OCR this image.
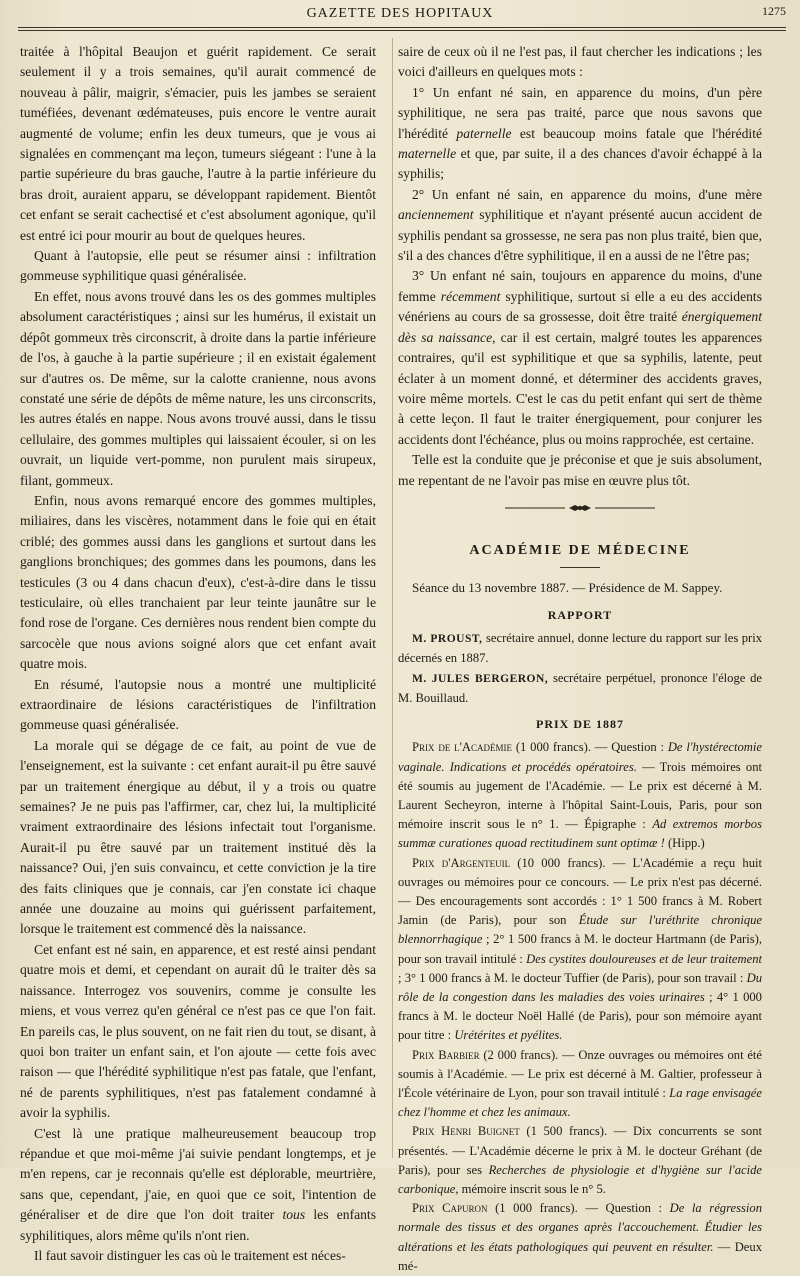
GAZETTE DES HOPITAUX	1275

traitée à l'hôpital Beaujon et guérit rapidement. Ce serait seulement il y a trois semaines, qu'il aurait commencé de nouveau à pâlir, maigrir, s'émacier, puis les jambes se seraient tuméfiées, devenant œdémateuses, puis encore le ventre aurait augmenté de volume; enfin les deux tumeurs, que je vous ai signalées en commençant ma leçon, tumeurs siégeant : l'une à la partie supérieure du bras gauche, l'autre à la partie inférieure du bras droit, auraient apparu, se développant rapidement. Bientôt cet enfant se serait cachectisé et c'est absolument agonique, qu'il est entré ici pour mourir au bout de quelques heures.

Quant à l'autopsie, elle peut se résumer ainsi : infiltration gommeuse syphilitique quasi généralisée.

En effet, nous avons trouvé dans les os des gommes multiples absolument caractéristiques ; ainsi sur les humérus, il existait un dépôt gommeux très circonscrit, à droite dans la partie inférieure de l'os, à gauche à la partie supérieure ; il en existait également sur d'autres os. De même, sur la calotte cranienne, nous avons constaté une série de dépôts de même nature, les uns circonscrits, les autres étalés en nappe. Nous avons trouvé aussi, dans le tissu cellulaire, des gommes multiples qui laissaient écouler, si on les ouvrait, un liquide vert-pomme, non purulent mais sirupeux, filant, gommeux.

Enfin, nous avons remarqué encore des gommes multiples, miliaires, dans les viscères, notamment dans le foie qui en était criblé; des gommes aussi dans les ganglions et surtout dans les ganglions bronchiques; des gommes dans les poumons, dans les testicules (3 ou 4 dans chacun d'eux), c'est-à-dire dans le tissu testiculaire, où elles tranchaient par leur teinte jaunâtre sur le fond rose de l'organe. Ces dernières nous rendent bien compte du sarcocèle que nous avions soigné alors que cet enfant avait quatre mois.

En résumé, l'autopsie nous a montré une multiplicité extraordinaire de lésions caractéristiques de l'infiltration gommeuse quasi généralisée.

La morale qui se dégage de ce fait, au point de vue de l'enseignement, est la suivante : cet enfant aurait-il pu être sauvé par un traitement énergique au début, il y a trois ou quatre semaines? Je ne puis pas l'affirmer, car, chez lui, la multiplicité vraiment extraordinaire des lésions infectait tout l'organisme. Aurait-il pu être sauvé par un traitement institué dès la naissance? Oui, j'en suis convaincu, et cette conviction je la tire des faits cliniques que je connais, car j'en constate ici chaque année une douzaine au moins qui guérissent parfaitement, lorsque le traitement est commencé dès la naissance.

Cet enfant est né sain, en apparence, et est resté ainsi pendant quatre mois et demi, et cependant on aurait dû le traiter dès sa naissance. Interrogez vos souvenirs, comme je consulte les miens, et vous verrez qu'en général ce n'est pas ce que l'on fait. En pareils cas, le plus souvent, on ne fait rien du tout, se disant, à quoi bon traiter un enfant sain, et l'on ajoute — cette fois avec raison — que l'hérédité syphilitique n'est pas fatale, que l'enfant, né de parents syphilitiques, n'est pas fatalement condamné à avoir la syphilis.

C'est là une pratique malheureusement beaucoup trop répandue et que moi-même j'ai suivie pendant longtemps, et je m'en repens, car je reconnais qu'elle est déplorable, meurtrière, sans que, cependant, j'aie, en quoi que ce soit, l'intention de généraliser et de dire que l'on doit traiter tous les enfants syphilitiques, alors même qu'ils n'ont rien.

Il faut savoir distinguer les cas où le traitement est néces-

saire de ceux où il ne l'est pas, il faut chercher les indications ; les voici d'ailleurs en quelques mots :

1° Un enfant né sain, en apparence du moins, d'un père syphilitique, ne sera pas traité, parce que nous savons que l'hérédité paternelle est beaucoup moins fatale que l'hérédité maternelle et que, par suite, il a des chances d'avoir échappé à la syphilis;

2° Un enfant né sain, en apparence du moins, d'une mère anciennement syphilitique et n'ayant présenté aucun accident de syphilis pendant sa grossesse, ne sera pas non plus traité, bien que, s'il a des chances d'être syphilitique, il en a aussi de ne l'être pas;

3° Un enfant né sain, toujours en apparence du moins, d'une femme récemment syphilitique, surtout si elle a eu des accidents vénériens au cours de sa grossesse, doit être traité énergiquement dès sa naissance, car il est certain, malgré toutes les apparences contraires, qu'il est syphilitique et que sa syphilis, latente, peut éclater à un moment donné, et déterminer des accidents graves, voire même mortels. C'est le cas du petit enfant qui sert de thème à cette leçon. Il faut le traiter énergiquement, pour conjurer les accidents dont l'échéance, plus ou moins rapprochée, est certaine.

Telle est la conduite que je préconise et que je suis absolument, me repentant de ne l'avoir pas mise en œuvre plus tôt.

ACADÉMIE DE MÉDECINE

Séance du 13 novembre 1887. — Présidence de M. Sappey.

RAPPORT

M. PROUST, secrétaire annuel, donne lecture du rapport sur les prix décernés en 1887.

M. JULES BERGERON, secrétaire perpétuel, prononce l'éloge de M. Bouillaud.

PRIX DE 1887

Prix de l'Académie (1 000 francs). — Question : De l'hystérectomie vaginale. Indications et procédés opératoires. — Trois mémoires ont été soumis au jugement de l'Académie. — Le prix est décerné à M. Laurent Secheyron, interne à l'hôpital Saint-Louis, Paris, pour son mémoire inscrit sous le n° 1. — Épigraphe : Ad extremos morbos summæ curationes quoad rectitudinem sunt optimæ ! (Hipp.)

Prix d'Argenteuil (10 000 francs). — L'Académie a reçu huit ouvrages ou mémoires pour ce concours. — Le prix n'est pas décerné. — Des encouragements sont accordés : 1° 1 500 francs à M. Robert Jamin (de Paris), pour son Étude sur l'uréthrite chronique blennorrhagique ; 2° 1 500 francs à M. le docteur Hartmann (de Paris), pour son travail intitulé : Des cystites douloureuses et de leur traitement ; 3° 1 000 francs à M. le docteur Tuffier (de Paris), pour son travail : Du rôle de la congestion dans les maladies des voies urinaires ; 4° 1 000 francs à M. le docteur Noël Hallé (de Paris), pour son mémoire ayant pour titre : Urétérites et pyélites.

Prix Barbier (2 000 francs). — Onze ouvrages ou mémoires ont été soumis à l'Académie. — Le prix est décerné à M. Galtier, professeur à l'École vétérinaire de Lyon, pour son travail intitulé : La rage envisagée chez l'homme et chez les animaux.

Prix Henri Buignet (1 500 francs). — Dix concurrents se sont présentés. — L'Académie décerne le prix à M. le docteur Gréhant (de Paris), pour ses Recherches de physiologie et d'hygiène sur l'acide carbonique, mémoire inscrit sous le n° 5.

Prix Capuron (1 000 francs). — Question : De la régression normale des tissus et des organes après l'accouchement. Étudier les altérations et les états pathologiques qui peuvent en résulter. — Deux mé-
